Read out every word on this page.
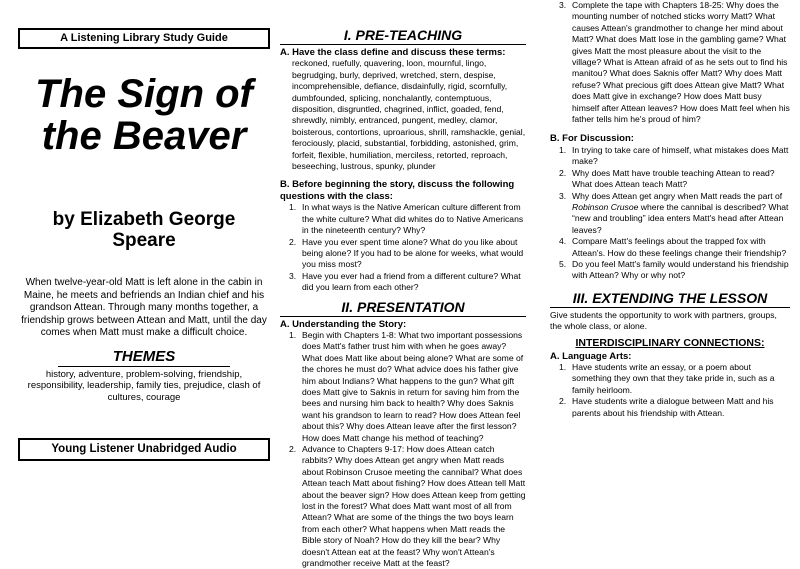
A Listening Library Study Guide
The Sign of
the Beaver
by Elizabeth George
Speare
When twelve-year-old Matt is left alone in the cabin in Maine, he meets and befriends an Indian chief and his grandson Attean. Through many months together, a friendship grows between Attean and Matt, until the day comes when Matt must make a difficult choice.
THEMES
history, adventure, problem-solving, friendship, responsibility, leadership, family ties, prejudice, clash of cultures, courage
Young Listener Unabridged Audio
I. PRE-TEACHING
A. Have the class define and discuss these terms:
reckoned, ruefully, quavering, loon, mournful, lingo, begrudging, burly, deprived, wretched, stern, despise, incomprehensible, defiance, disdainfully, rigid, scornfully, dumbfounded, splicing, nonchalantly, contemptuous, disposition, disgruntled, chagrined, inflict, goaded, fend, shrewdly, nimbly, entranced, pungent, medley, clamor, boisterous, contortions, uproarious, shrill, ramshackle, genial, ferociously, placid, substantial, forbidding, astonished, grim, forfeit, flexible, humiliation, merciless, retorted, reproach, beseeching, lustrous, spunky, plunder
B. Before beginning the story, discuss the following questions with the class:
1. In what ways is the Native American culture different from the white culture? What did whites do to Native Americans in the nineteenth century? Why?
2. Have you ever spent time alone? What do you like about being alone? If you had to be alone for weeks, what would you miss most?
3. Have you ever had a friend from a different culture? What did you learn from each other?
II. PRESENTATION
A. Understanding the Story:
1. Begin with Chapters 1-8: What two important possessions does Matt's father trust him with when he goes away? What does Matt like about being alone? What are some of the chores he must do? What advice does his father give him about Indians? What happens to the gun? What gift does Matt give to Saknis in return for saving him from the bees and nursing him back to health? Why does Saknis want his grandson to learn to read? How does Attean feel about this? Why does Attean leave after the first lesson? How does Matt change his method of teaching?
2. Advance to Chapters 9-17: How does Attean catch rabbits? Why does Attean get angry when Matt reads about Robinson Crusoe meeting the cannibal? What does Attean teach Matt about fishing? How does Attean tell Matt about the beaver sign? How does Attean keep from getting lost in the forest? What does Matt want most of all from Attean? What are some of the things the two boys learn from each other? What happens when Matt reads the Bible story of Noah? How do they kill the bear? Why doesn't Attean eat at the feast? Why won't Attean's grandmother receive Matt at the feast?
3. Complete the tape with Chapters 18-25: Why does the mounting number of notched sticks worry Matt? What causes Attean's grandmother to change her mind about Matt? What does Matt lose in the gambling game? What gives Matt the most pleasure about the visit to the village? What is Attean afraid of as he sets out to find his manitou? What does Saknis offer Matt? Why does Matt refuse? What precious gift does Attean give Matt? What does Matt give in exchange? How does Matt busy himself after Attean leaves? How does Matt feel when his father tells him he's proud of him?
B. For Discussion:
1. In trying to take care of himself, what mistakes does Matt make?
2. Why does Matt have trouble teaching Attean to read? What does Attean teach Matt?
3. Why does Attean get angry when Matt reads the part of Robinson Crusoe where the cannibal is described? What “new and troubling” idea enters Matt's head after Attean leaves?
4. Compare Matt's feelings about the trapped fox with Attean's. How do these feelings change their friendship?
5. Do you feel Matt's family would understand his friendship with Attean? Why or why not?
III. EXTENDING THE LESSON
Give students the opportunity to work with partners, groups, the whole class, or alone.
INTERDISCIPLINARY CONNECTIONS:
A. Language Arts:
1. Have students write an essay, or a poem about something they own that they take pride in, such as a family heirloom.
2. Have students write a dialogue between Matt and his parents about his friendship with Attean.
